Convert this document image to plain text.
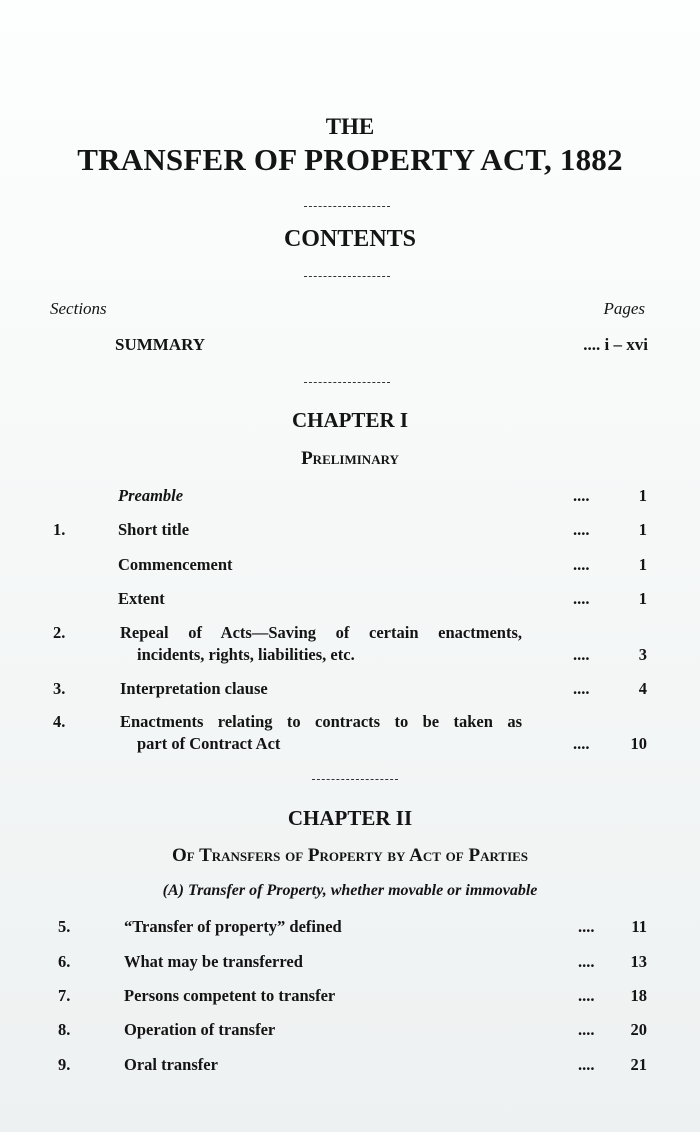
THE
TRANSFER OF PROPERTY ACT, 1882
CONTENTS
Sections	Pages
SUMMARY	.... i – xvi
CHAPTER I
Preliminary
Preamble	....	1
1.	Short title	....	1
Commencement	....	1
Extent	....	1
2.	Repeal of Acts—Saving of certain enactments,
incidents, rights, liabilities, etc.	....	3
3.	Interpretation clause	....	4
4.	Enactments relating to contracts to be taken as
part of Contract Act	.... 10
CHAPTER II
Of Transfers of Property by Act of Parties
(A) Transfer of Property, whether movable or immovable
5.	“Transfer of property” defined	.... 11
6.	What may be transferred	.... 13
7.	Persons competent to transfer	.... 18
8.	Operation of transfer	.... 20
9.	Oral transfer	.... 21
